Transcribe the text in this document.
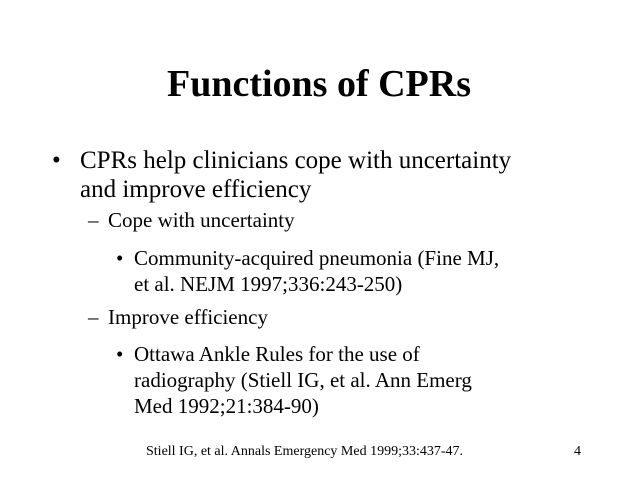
Functions of CPRs
• CPRs help clinicians cope with uncertainty
and improve efficiency
– Cope with uncertainty
• Community-acquired pneumonia (Fine MJ,
et al. NEJM 1997;336:243-250)
– Improve efficiency
• Ottawa Ankle Rules for the use of
radiography (Stiell IG, et al. Ann Emerg
Med 1992;21:384-90)
Stiell IG, et al. Annals Emergency Med 1999;33:437-47.	4
